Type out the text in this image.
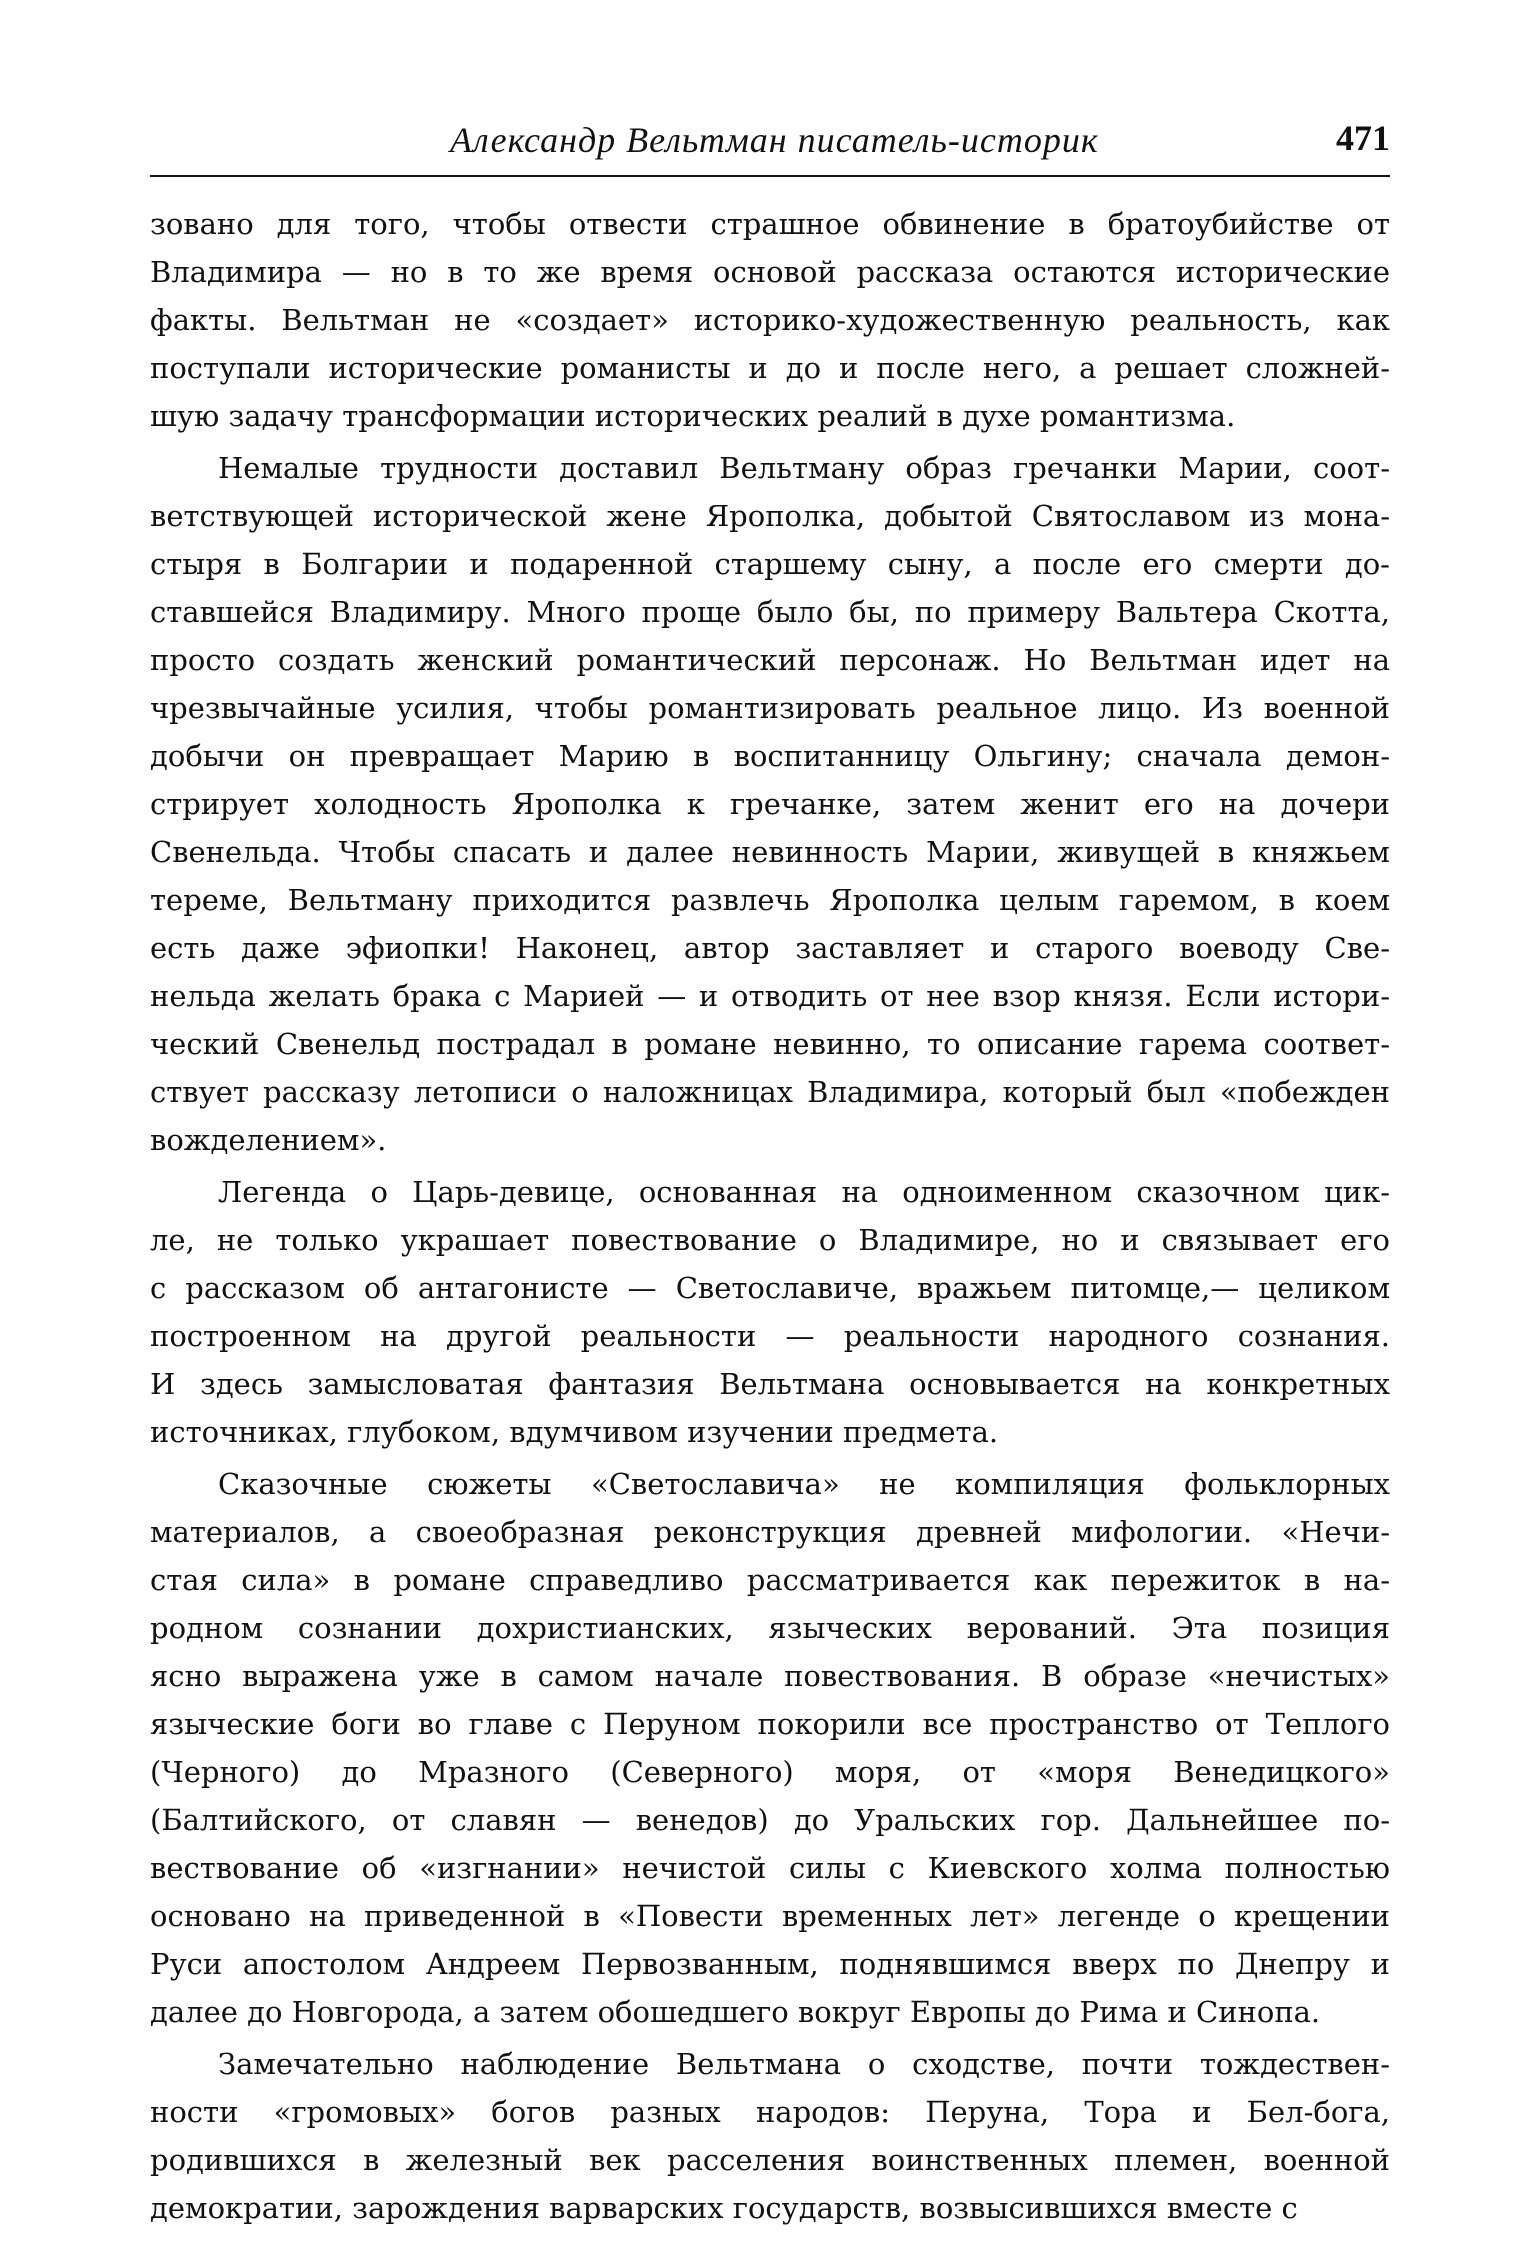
Александр Вельтман писатель-историк	471
зовано для того, чтобы отвести страшное обвинение в братоубийстве от
Владимира — но в то же время основой рассказа остаются исторические
факты. Вельтман не «создает» историко-художественную реальность, как
поступали исторические романисты и до и после него, а решает сложней-
шую задачу трансформации исторических реалий в духе романтизма.
Немалые трудности доставил Вельтману образ гречанки Марии, соот-
ветствующей исторической жене Ярополка, добытой Святославом из мона-
стыря в Болгарии и подаренной старшему сыну, а после его смерти до-
ставшейся Владимиру. Много проще было бы, по примеру Вальтера Скотта,
просто создать женский романтический персонаж. Но Вельтман идет на
чрезвычайные усилия, чтобы романтизировать реальное лицо. Из военной
добычи он превращает Марию в воспитанницу Ольгину; сначала демон-
стрирует холодность Ярополка к гречанке, затем женит его на дочери
Свенельда. Чтобы спасать и далее невинность Марии, живущей в княжьем
тереме, Вельтману приходится развлечь Ярополка целым гаремом, в коем
есть даже эфиопки! Наконец, автор заставляет и старого воеводу Све-
нельда желать брака с Марией — и отводить от нее взор князя. Если истори-
ческий Свенельд пострадал в романе невинно, то описание гарема соответ-
ствует рассказу летописи о наложницах Владимира, который был «побежден
вожделением».
Легенда о Царь-девице, основанная на одноименном сказочном цик-
ле, не только украшает повествование о Владимире, но и связывает его
с рассказом об антагонисте — Светославиче, вражьем питомце,— целиком
построенном на другой реальности — реальности народного сознания.
И здесь замысловатая фантазия Вельтмана основывается на конкретных
источниках, глубоком, вдумчивом изучении предмета.
Сказочные сюжеты «Светославича» не компиляция фольклорных
материалов, а своеобразная реконструкция древней мифологии. «Нечи-
стая сила» в романе справедливо рассматривается как пережиток в на-
родном сознании дохристианских, языческих верований. Эта позиция
ясно выражена уже в самом начале повествования. В образе «нечистых»
языческие боги во главе с Перуном покорили все пространство от Теплого
(Черного) до Мразного (Северного) моря, от «моря Венедицкого»
(Балтийского, от славян — венедов) до Уральских гор. Дальнейшее по-
вествование об «изгнании» нечистой силы с Киевского холма полностью
основано на приведенной в «Повести временных лет» легенде о крещении
Руси апостолом Андреем Первозванным, поднявшимся вверх по Днепру и
далее до Новгорода, а затем обошедшего вокруг Европы до Рима и Синопа.
Замечательно наблюдение Вельтмана о сходстве, почти тождествен-
ности «громовых» богов разных народов: Перуна, Тора и Бел-бога,
родившихся в железный век расселения воинственных племен, военной
демократии, зарождения варварских государств, возвысившихся вместе с
